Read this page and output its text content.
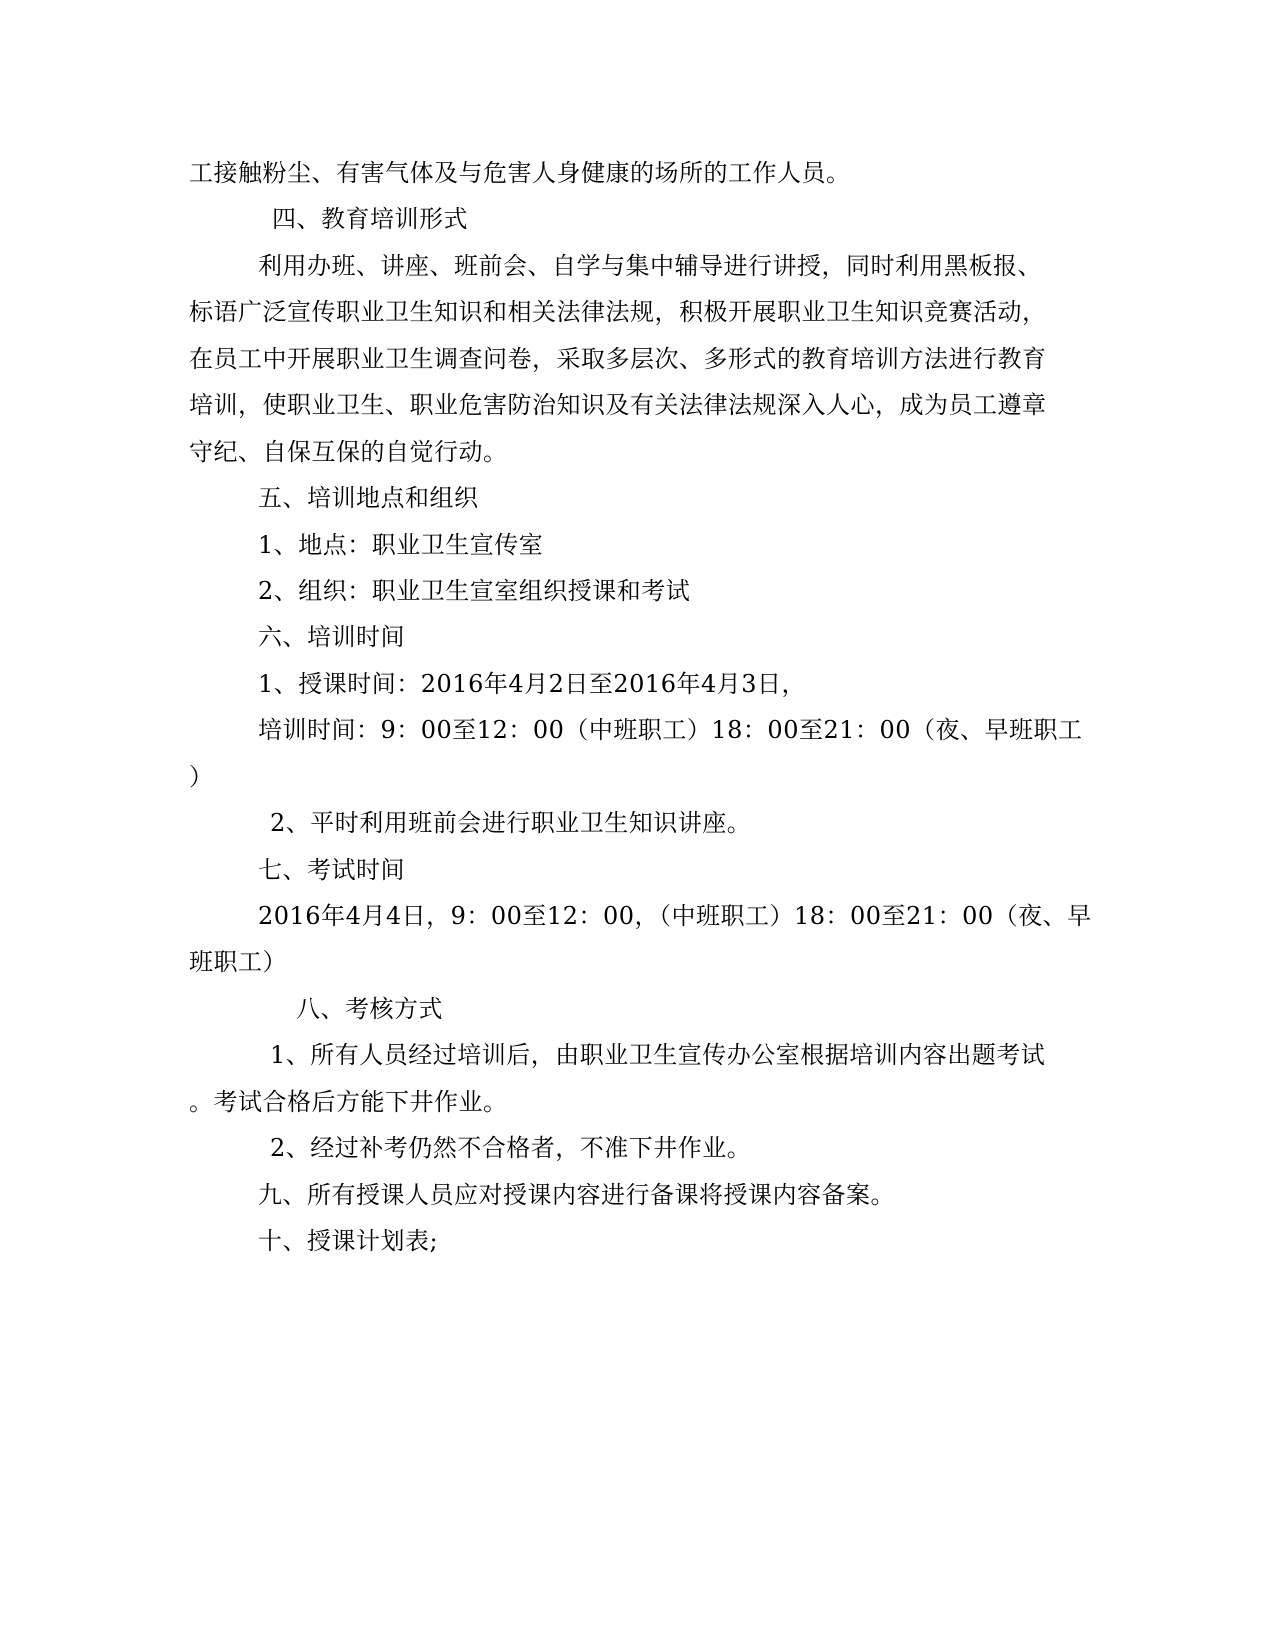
工接触粉尘、有害气体及与危害人身健康的场所的工作人员。
四、教育培训形式
利用办班、讲座、班前会、自学与集中辅导进行讲授，同时利用黑板报、
标语广泛宣传职业卫生知识和相关法律法规，积极开展职业卫生知识竞赛活动，
在员工中开展职业卫生调查问卷，采取多层次、多形式的教育培训方法进行教育
培训，使职业卫生、职业危害防治知识及有关法律法规深入人心，成为员工遵章
守纪、自保互保的自觉行动。
五、培训地点和组织
1、地点：职业卫生宣传室
2、组织：职业卫生宣室组织授课和考试
六、培训时间
1、授课时间：2016年4月2日至2016年4月3日，
培训时间：9：00至12：00（中班职工）18：00至21：00（夜、早班职工
）
2、平时利用班前会进行职业卫生知识讲座。
七、考试时间
2016年4月4日，9：00至12：00，（中班职工）18：00至21：00（夜、早
班职工）
八、考核方式
1、所有人员经过培训后，由职业卫生宣传办公室根据培训内容出题考试
。考试合格后方能下井作业。
2、经过补考仍然不合格者，不准下井作业。
九、所有授课人员应对授课内容进行备课将授课内容备案。
十、授课计划表;
